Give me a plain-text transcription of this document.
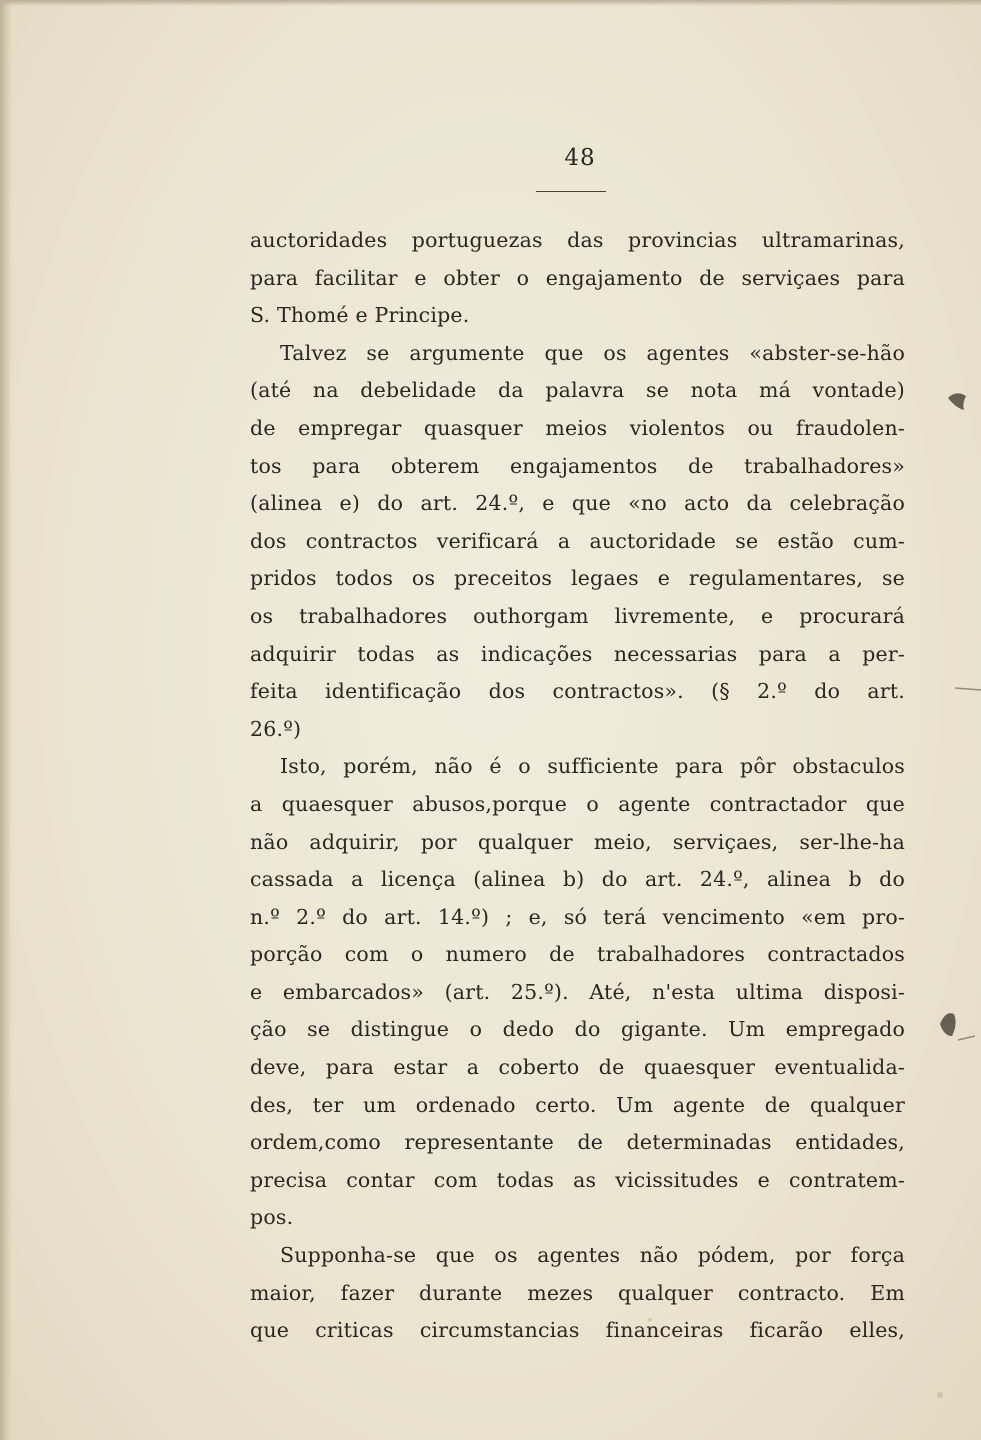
48
auctoridades portuguezas das provincias ultramarinas,
para facilitar e obter o engajamento de serviçaes para
S. Thomé e Principe.
Talvez se argumente que os agentes «abster-se-hão
(até na debelidade da palavra se nota má vontade)
de empregar quasquer meios violentos ou fraudolen-
tos para obterem engajamentos de trabalhadores»
(alinea e) do art. 24.º, e que «no acto da celebração
dos contractos verificará a auctoridade se estão cum-
pridos todos os preceitos legaes e regulamentares, se
os trabalhadores outhorgam livremente, e procurará
adquirir todas as indicações necessarias para a per-
feita identificação dos contractos». (§ 2.º do art.
26.º)
Isto, porém, não é o sufficiente para pôr obstaculos
a quaesquer abusos,porque o agente contractador que
não adquirir, por qualquer meio, serviçaes, ser-lhe-ha
cassada a licença (alinea b) do art. 24.º, alinea b do
n.º 2.º do art. 14.º) ; e, só terá vencimento «em pro-
porção com o numero de trabalhadores contractados
e embarcados» (art. 25.º). Até, n'esta ultima disposi-
ção se distingue o dedo do gigante. Um empregado
deve, para estar a coberto de quaesquer eventualida-
des, ter um ordenado certo. Um agente de qualquer
ordem,como representante de determinadas entidades,
precisa contar com todas as vicissitudes e contratem-
pos.
Supponha-se que os agentes não pódem, por força
maior, fazer durante mezes qualquer contracto. Em
que criticas circumstancias financeiras ficarão elles,
